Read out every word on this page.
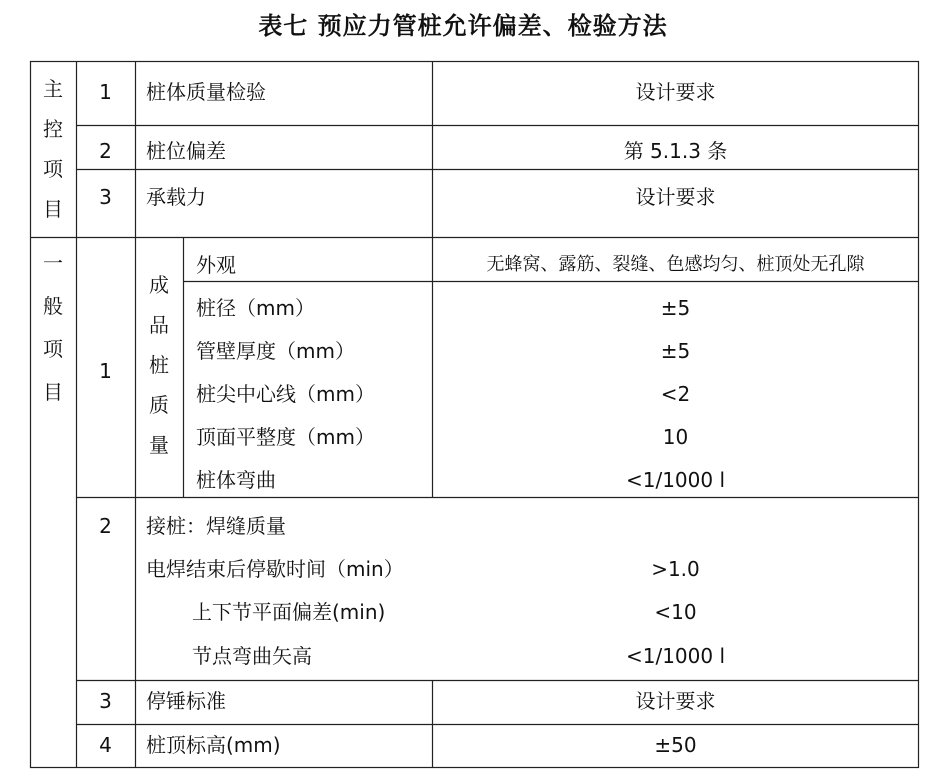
表七 预应力管桩允许偏差、检验方法
主
控
项
目
1	桩体质量检验	设计要求
2	桩位偏差	第 5.1.3 条
3	承载力	设计要求
一
般
项
目
1
成
品
桩
质
量
外观	无蜂窝、露筋、裂缝、色感均匀、桩顶处无孔隙
桩径（mm）	±5
管壁厚度（mm）	±5
桩尖中心线（mm）	<2
顶面平整度（mm）	10
桩体弯曲	<1/1000 l
2	接桩：焊缝质量
电焊结束后停歇时间（min）	>1.0
上下节平面偏差(min)	<10
节点弯曲矢高	<1/1000 l
3	停锤标准	设计要求
4	桩顶标高(mm)	±50
